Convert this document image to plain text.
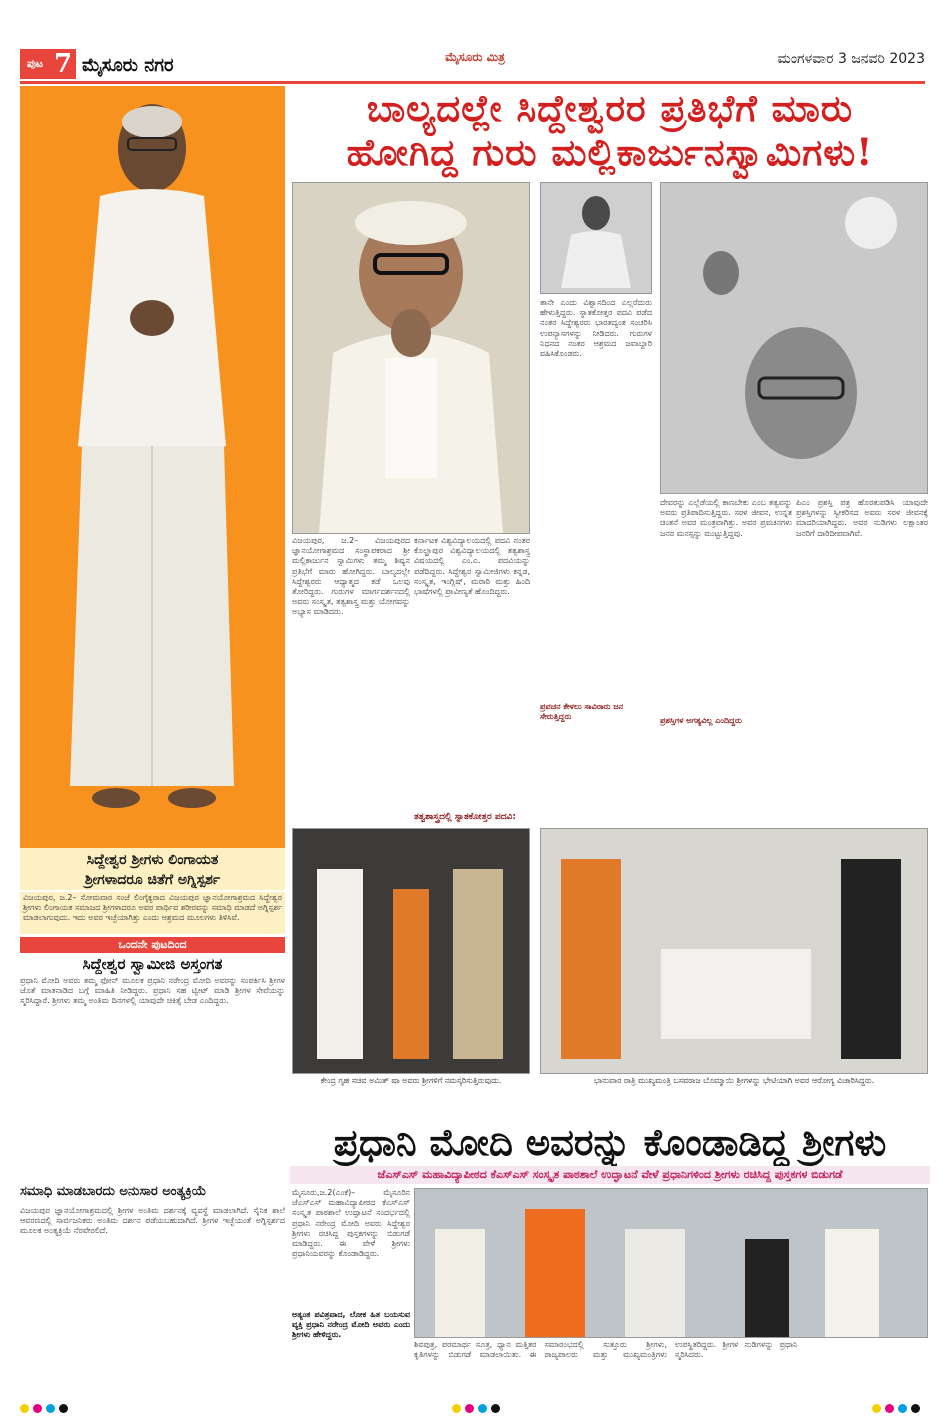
ಪುಟ 7 ಮೈಸೂರು ನಗರ	ಮೈಸೂರು ಮಿತ್ರ	ಮಂಗಳವಾರ 3 ಜನವರಿ 2023
ಬಾಲ್ಯದಲ್ಲೇ ಸಿದ್ದೇಶ್ವರರ ಪ್ರತಿಭೆಗೆ ಮಾರು
ಹೋಗಿದ್ದ ಗುರು ಮಲ್ಲಿಕಾರ್ಜುನಸ್ವಾಮಿಗಳು!
ವಿಜಯಪುರ, ಜ.2– ವಿಜಯಪುರದ ಜ್ಞಾನಯೋಗಾಶ್ರಮದ ಸಂಸ್ಥಾಪಕರಾದ ಶ್ರೀ ಮಲ್ಲಿಕಾರ್ಜುನ ಸ್ವಾಮಿಗಳು ತಮ್ಮ ಶಿಷ್ಯನ ಪ್ರತಿಭೆಗೆ ಮಾರು ಹೋಗಿದ್ದರು. ಬಾಲ್ಯದಲ್ಲೇ ಸಿದ್ದೇಶ್ವರರು ಆಧ್ಯಾತ್ಮದ ಕಡೆ ಒಲವು ತೋರಿದ್ದರು. ಗುರುಗಳ ಮಾರ್ಗದರ್ಶನದಲ್ಲಿ ಅವರು ಸಂಸ್ಕೃತ, ತತ್ವಶಾಸ್ತ್ರ ಮತ್ತು ಯೋಗವನ್ನು ಅಭ್ಯಾಸ ಮಾಡಿದರು.
ಕರ್ನಾಟಕ ವಿಶ್ವವಿದ್ಯಾಲಯದಲ್ಲಿ ಪದವಿ ನಂತರ ಕೊಲ್ಹಾಪುರ ವಿಶ್ವವಿದ್ಯಾಲಯದಲ್ಲಿ ತತ್ವಶಾಸ್ತ್ರ ವಿಷಯದಲ್ಲಿ ಎಂ.ಎ. ಪದವಿಯನ್ನು ಪಡೆದಿದ್ದರು. ಸಿದ್ದೇಶ್ವರ ಸ್ವಾಮೀಜಿಗಳು ಕನ್ನಡ, ಸಂಸ್ಕೃತ, ಇಂಗ್ಲಿಷ್, ಮರಾಠಿ ಮತ್ತು ಹಿಂದಿ ಭಾಷೆಗಳಲ್ಲಿ ಪ್ರಾವೀಣ್ಯತೆ ಹೊಂದಿದ್ದರು.
ತತ್ವಶಾಸ್ತ್ರದಲ್ಲಿ ಸ್ನಾತಕೋತ್ತರ ಪದವಿ:
ತಾನೇ ಎಂದು ವಿಶ್ವಾಸದಿಂದ ಎಲ್ಲರೆದುರು ಹೇಳುತ್ತಿದ್ದರು. ಸ್ನಾತಕೋತ್ತರ ಪದವಿ ಪಡೆದ ನಂತರ ಸಿದ್ದೇಶ್ವರರು ಭಾರತದ್ಯಂತ ಸಂಚರಿಸಿ ಉಪನ್ಯಾಸಗಳನ್ನು ನೀಡಿದರು. ಗುರುಗಳ ನಿಧನದ ನಂತರ ಆಶ್ರಮದ ಜವಾಬ್ದಾರಿ ವಹಿಸಿಕೊಂಡರು.
ಪ್ರವಚನ ಕೇಳಲು ಸಾವಿರಾರು ಜನ ಸೇರುತ್ತಿದ್ದರು
ದೇವರನ್ನು ಎಲ್ಲೆಡೆಯಲ್ಲಿ ಕಾಣಬೇಕು ಎಂಬ ತತ್ವವನ್ನು ಅವರು ಪ್ರತಿಪಾದಿಸುತ್ತಿದ್ದರು. ಸರಳ ಜೀವನ, ಉನ್ನತ ಚಿಂತನೆ ಅವರ ಮಂತ್ರವಾಗಿತ್ತು. ಅವರ ಪ್ರವಚನಗಳು ಜನರ ಮನಸ್ಸನ್ನು ಮುಟ್ಟುತ್ತಿದ್ದವು.
ಪ್ರಶಸ್ತಿಗಳ ಅಗತ್ಯವಿಲ್ಲ ಎಂದಿದ್ದರು
ಪಿಎಂ ಪ್ರಶಸ್ತಿ ಪತ್ರ ಹೊರತುಪಡಿಸಿ ಯಾವುದೇ ಪ್ರಶಸ್ತಿಗಳನ್ನು ಸ್ವೀಕರಿಸದ ಅವರು ಸರಳ ಜೀವನಕ್ಕೆ ಮಾದರಿಯಾಗಿದ್ದರು. ಅವರ ನುಡಿಗಳು ಲಕ್ಷಾಂತರ ಜನರಿಗೆ ದಾರಿದೀಪವಾಗಿವೆ.
ಕೇಂದ್ರ ಗೃಹ ಸಚಿವ ಅಮಿತ್ ಷಾ ಅವರು ಶ್ರೀಗಳಿಗೆ ನಮಸ್ಕರಿಸುತ್ತಿರುವುದು.	ಭಾನುವಾರ ರಾತ್ರಿ ಮುಖ್ಯಮಂತ್ರಿ ಬಸವರಾಜ ಬೊಮ್ಮಾಯಿ ಶ್ರೀಗಳನ್ನು ಭೇಟಿಯಾಗಿ ಅವರ ಆರೋಗ್ಯ ವಿಚಾರಿಸಿದ್ದರು.
ಸಿದ್ದೇಶ್ವರ ಶ್ರೀಗಳು ಲಿಂಗಾಯತ
ಶ್ರೀಗಳಾದರೂ ಚಿತೆಗೆ ಅಗ್ನಿಸ್ಪರ್ಶ
ವಿಜಯಪುರ, ಜ.2– ಸೋಮವಾರ ಸಂಜೆ ಲಿಂಗೈಕ್ಯರಾದ ವಿಜಯಪುರ ಜ್ಞಾನಯೋಗಾಶ್ರಮದ ಸಿದ್ದೇಶ್ವರ ಶ್ರೀಗಳು ಲಿಂಗಾಯತ ಸಮಾಜದ ಶ್ರೀಗಳಾದರೂ ಅವರ ಪಾರ್ಥಿವ ಶರೀರವನ್ನು ಸಮಾಧಿ ಮಾಡದೆ ಅಗ್ನಿಸ್ಪರ್ಶ ಮಾಡಲಾಗುವುದು. ಇದು ಅವರ ಇಚ್ಛೆಯಾಗಿತ್ತು ಎಂದು ಆಶ್ರಮದ ಮೂಲಗಳು ತಿಳಿಸಿವೆ.
ಒಂದನೇ ಪುಟದಿಂದ
ಸಿದ್ದೇಶ್ವರ ಸ್ವಾಮೀಜಿ ಅಸ್ತಂಗತ
ಪ್ರಧಾನಿ ಮೋದಿ ಅವರು ತಮ್ಮ ಫೋನ್ ಮೂಲಕ ಪ್ರಧಾನಿ ನರೇಂದ್ರ ಮೋದಿ ಅವರನ್ನು ಸಂಪರ್ಕಿಸಿ ಶ್ರೀಗಳ ಜೊತೆ ಮಾತನಾಡಿದ ಬಗ್ಗೆ ಮಾಹಿತಿ ನೀಡಿದ್ದರು. ಪ್ರಧಾನಿ ಸಹ ಟ್ವೀಟ್ ಮಾಡಿ ಶ್ರೀಗಳ ಸೇವೆಯನ್ನು ಸ್ಮರಿಸಿದ್ದಾರೆ. ಶ್ರೀಗಳು ತಮ್ಮ ಅಂತಿಮ ದಿನಗಳಲ್ಲಿ ಯಾವುದೇ ಚಿಕಿತ್ಸೆ ಬೇಡ ಎಂದಿದ್ದರು.
ಸಮಾಧಿ ಮಾಡಬಾರದು ಅನುಸಾರ ಅಂತ್ಯಕ್ರಿಯೆ
ವಿಜಯಪುರ ಜ್ಞಾನಯೋಗಾಶ್ರಮದಲ್ಲಿ ಶ್ರೀಗಳ ಅಂತಿಮ ದರ್ಶನಕ್ಕೆ ವ್ಯವಸ್ಥೆ ಮಾಡಲಾಗಿದೆ. ಸೈನಿಕ ಶಾಲೆ ಆವರಣದಲ್ಲಿ ಸಾರ್ವಜನಿಕರು ಅಂತಿಮ ದರ್ಶನ ಪಡೆಯಬಹುದಾಗಿದೆ. ಶ್ರೀಗಳ ಇಚ್ಛೆಯಂತೆ ಅಗ್ನಿಸ್ಪರ್ಶದ ಮೂಲಕ ಅಂತ್ಯಕ್ರಿಯೆ ನೆರವೇರಲಿದೆ.
ಪ್ರಧಾನಿ ಮೋದಿ ಅವರನ್ನು ಕೊಂಡಾಡಿದ್ದ ಶ್ರೀಗಳು
ಜೆಎಸ್‌ಎಸ್ ಮಹಾವಿದ್ಯಾಪೀಠದ ಕೆಎಸ್‌ಎಸ್ ಸಂಸ್ಕೃತ ಪಾಠಶಾಲೆ ಉದ್ಘಾಟನೆ ವೇಳೆ ಪ್ರಧಾನಿಗಳಿಂದ ಶ್ರೀಗಳು ರಚಿಸಿದ್ದ ಪುಸ್ತಕಗಳ ಬಿಡುಗಡೆ
ಮೈಸೂರು,ಜ.2(ಎಂಕೆ)– ಮೈಸೂರಿನ ಜೆಎಸ್‌ಎಸ್ ಮಹಾವಿದ್ಯಾಪೀಠದ ಕೆಎಸ್‌ಎಸ್ ಸಂಸ್ಕೃತ ಪಾಠಶಾಲೆ ಉದ್ಘಾಟನೆ ಸಂದರ್ಭದಲ್ಲಿ ಪ್ರಧಾನಿ ನರೇಂದ್ರ ಮೋದಿ ಅವರು ಸಿದ್ದೇಶ್ವರ ಶ್ರೀಗಳು ರಚಿಸಿದ್ದ ಪುಸ್ತಕಗಳನ್ನು ಬಿಡುಗಡೆ ಮಾಡಿದ್ದರು. ಈ ವೇಳೆ ಶ್ರೀಗಳು ಪ್ರಧಾನಿಯವರನ್ನು ಕೊಂಡಾಡಿದ್ದರು.
ಅತ್ಯಂತ ಪವಿತ್ರವಾದ, ಲೋಕ ಹಿತ ಬಯಸುವ ವ್ಯಕ್ತಿ ಪ್ರಧಾನಿ ನರೇಂದ್ರ ಮೋದಿ ಅವರು ಎಂದು ಶ್ರೀಗಳು ಹೇಳಿದ್ದರು.
ಶಿವಪುತ್ರ, ಪರಮಾರ್ಥ ಸೂತ್ರ, ಧ್ಯಾನ ಮತ್ತಿತರ ಕೃತಿಗಳನ್ನು ಬಿಡುಗಡೆ ಮಾಡಲಾಯಿತು. ಈ ಸಮಾರಂಭದಲ್ಲಿ ಸುತ್ತೂರು ಶ್ರೀಗಳು, ರಾಜ್ಯಪಾಲರು ಮತ್ತು ಮುಖ್ಯಮಂತ್ರಿಗಳು ಉಪಸ್ಥಿತರಿದ್ದರು. ಶ್ರೀಗಳ ನುಡಿಗಳನ್ನು ಪ್ರಧಾನಿ ಸ್ಮರಿಸಿದರು.
